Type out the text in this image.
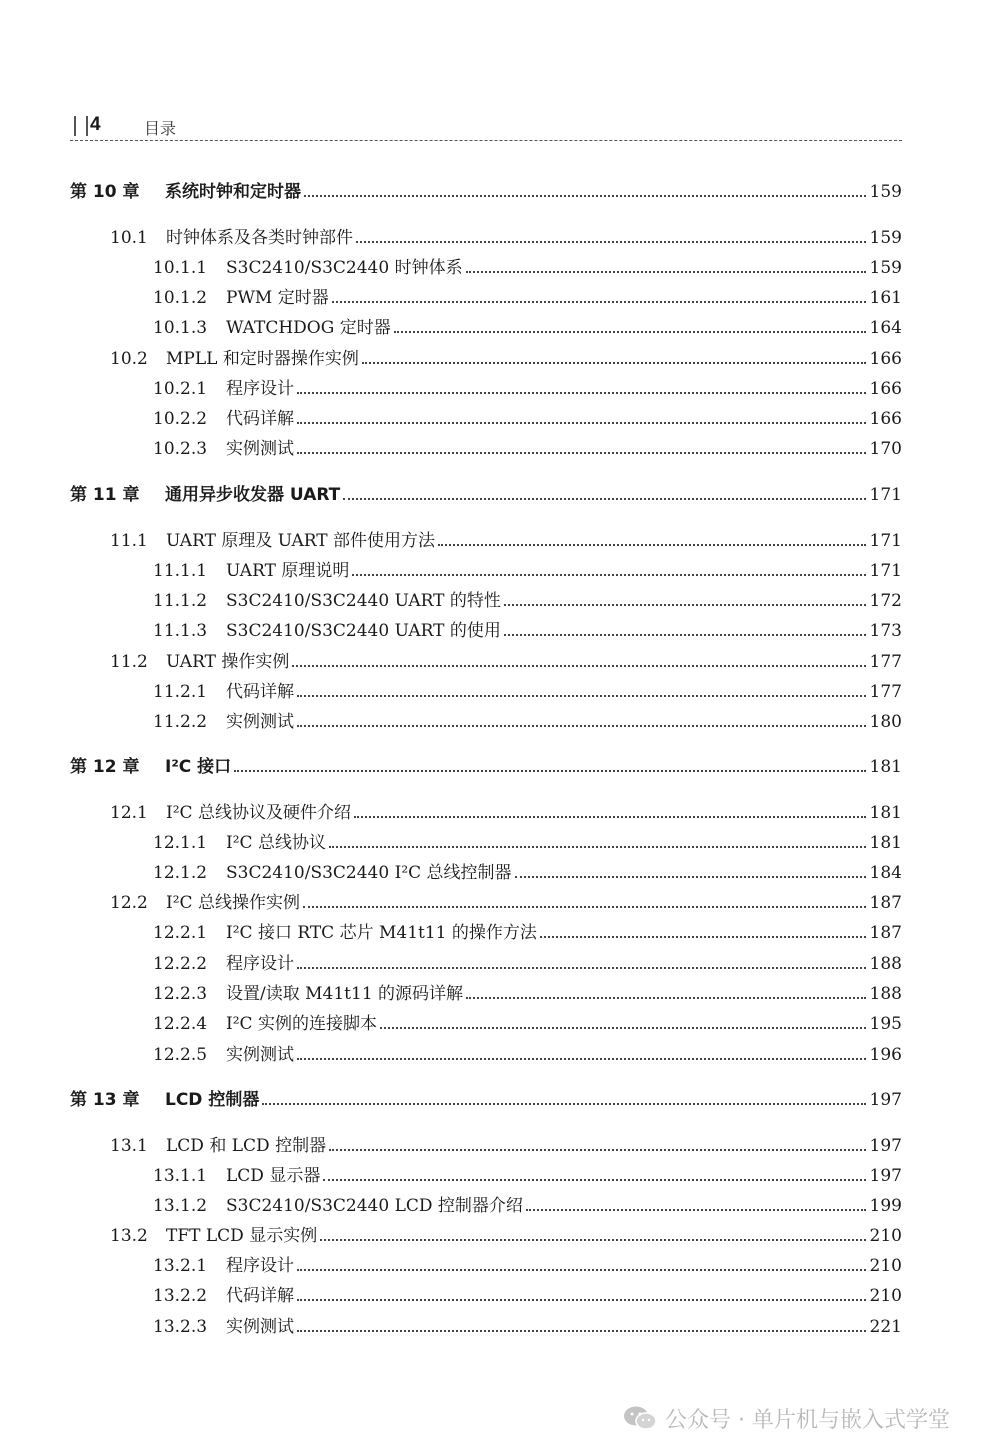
4	目录
第 10 章	系统时钟和定时器	159
10.1	时钟体系及各类时钟部件	159
10.1.1	S3C2410/S3C2440 时钟体系	159
10.1.2	PWM 定时器	161
10.1.3	WATCHDOG 定时器	164
10.2	MPLL 和定时器操作实例	166
10.2.1	程序设计	166
10.2.2	代码详解	166
10.2.3	实例测试	170
第 11 章	通用异步收发器 UART	171
11.1	UART 原理及 UART 部件使用方法	171
11.1.1	UART 原理说明	171
11.1.2	S3C2410/S3C2440 UART 的特性	172
11.1.3	S3C2410/S3C2440 UART 的使用	173
11.2	UART 操作实例	177
11.2.1	代码详解	177
11.2.2	实例测试	180
第 12 章	I²C 接口	181
12.1	I²C 总线协议及硬件介绍	181
12.1.1	I²C 总线协议	181
12.1.2	S3C2410/S3C2440 I²C 总线控制器	184
12.2	I²C 总线操作实例	187
12.2.1	I²C 接口 RTC 芯片 M41t11 的操作方法	187
12.2.2	程序设计	188
12.2.3	设置/读取 M41t11 的源码详解	188
12.2.4	I²C 实例的连接脚本	195
12.2.5	实例测试	196
第 13 章	LCD 控制器	197
13.1	LCD 和 LCD 控制器	197
13.1.1	LCD 显示器	197
13.1.2	S3C2410/S3C2440 LCD 控制器介绍	199
13.2	TFT LCD 显示实例	210
13.2.1	程序设计	210
13.2.2	代码详解	210
13.2.3	实例测试	221
公众号 · 单片机与嵌入式学堂
